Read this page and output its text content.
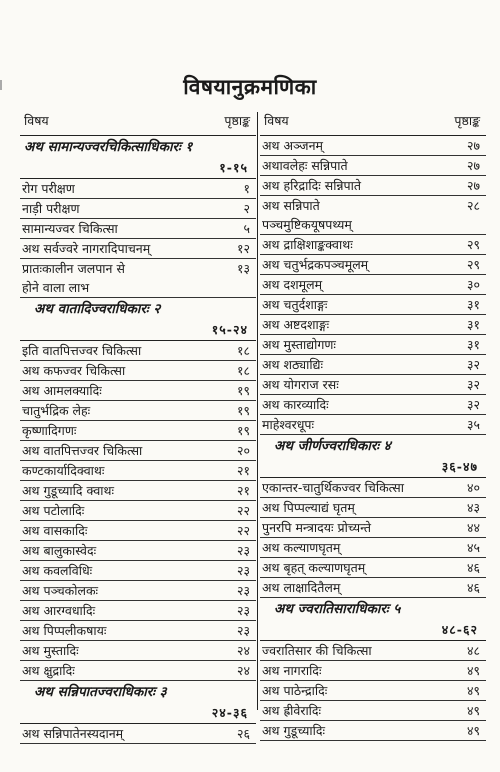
विषयानुक्रमणिका
विषय	पृष्ठाङ्क
अथ सामान्यज्वरचिकित्साधिकारः १
१-१५
रोग परीक्षण	१
नाड़ी परीक्षण	२
सामान्यज्वर चिकित्सा	५
अथ सर्वज्वरे नागरादिपाचनम्	१२
प्रातःकालीन जलपान से
होने वाला लाभ
१३
अथ वातादिज्वराधिकारः २
१५-२४
इति वातपित्तज्वर चिकित्सा	१८
अथ कफज्वर चिकित्सा	१८
अथ आमलक्यादिः	१९
चातुर्भद्रिक लेहः	१९
कृष्णादिगणः	१९
अथ वातपित्तज्वर चिकित्सा	२०
कण्टकार्यादिक्वाथः	२१
अथ गुडूच्यादि क्वाथः	२१
अथ पटोलादिः	२२
अथ वासकादिः	२२
अथ बालुकास्वेदः	२३
अथ कवलविधिः	२३
अथ पञ्चकोलकः	२३
अथ आरग्वधादिः	२३
अथ पिप्पलीकषायः	२३
अथ मुस्तादिः	२४
अथ क्षुद्रादिः	२४
अथ सन्निपातज्वराधिकारः ३
२४-३६
अथ सन्निपातेनस्यदानम्	२६
विषय	पृष्ठाङ्क
अथ अञ्जनम्	२७
अथावलेहः सन्निपाते	२७
अथ हरिद्रादिः सन्निपाते	२७
अथ सन्निपाते
पञ्चमुष्टिकयूषपथ्यम्
२८
अथ द्राक्षिशाङ्कक्वाथः	२९
अथ चतुर्भद्रकपञ्चमूलम्	२९
अथ दशमूलम्	३०
अथ चतुर्दशाङ्गः	३१
अथ अष्टदशाङ्गः	३१
अथ मुस्ताद्योगणः	३१
अथ शठ्याद्यिः	३२
अथ योगराज रसः	३२
अथ कारव्यादिः	३२
माहेश्वरधूपः	३५
अथ जीर्णज्वराधिकारः ४
३६-४७
एकान्तर-चातुर्थिकज्वर चिकित्सा	४०
अथ पिप्पल्याद्यं घृतम्	४३
पुनरपि मन्त्रादयः प्रोच्यन्ते	४४
अथ कल्याणघृतम्	४५
अथ बृहत् कल्याणघृतम्	४६
अथ लाक्षादितैलम्	४६
अथ ज्वरातिसाराधिकारः ५
४८-६२
ज्वरातिसार की चिकित्सा	४८
अथ नागरादिः	४९
अथ पाठेन्द्रादिः	४९
अथ ह्रीवेरादिः	४९
अथ गुडूच्यादिः	४९
